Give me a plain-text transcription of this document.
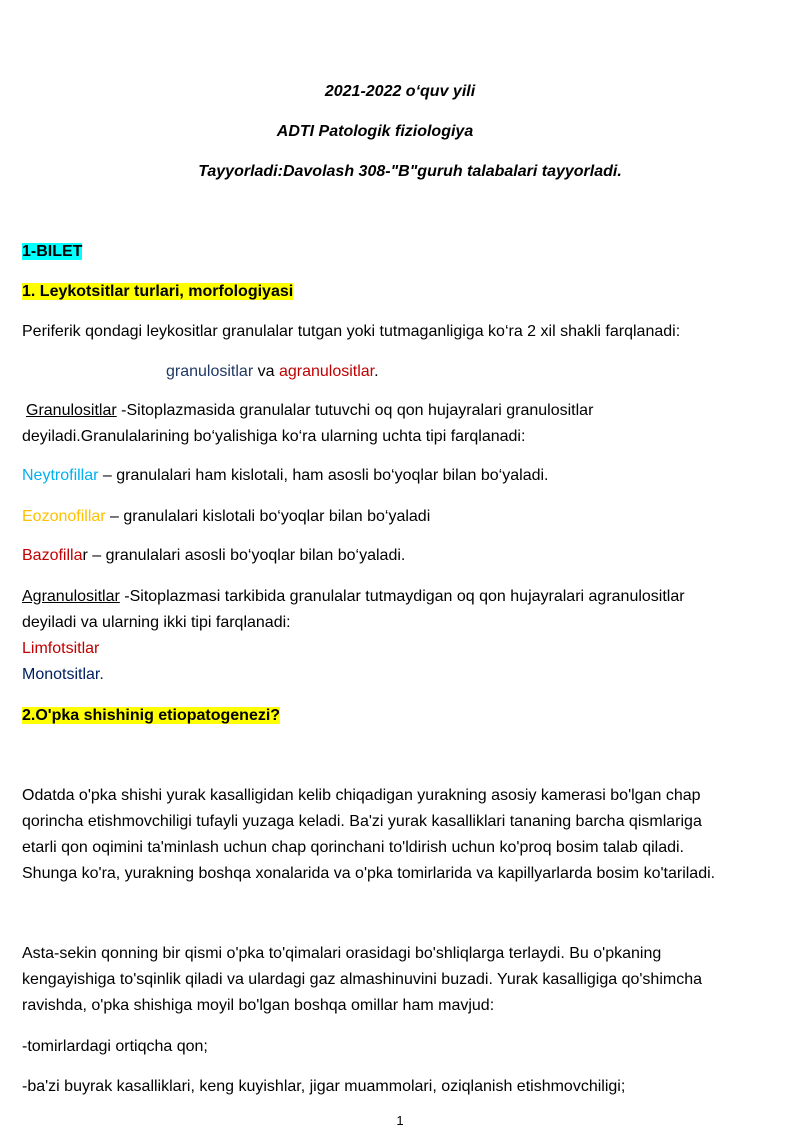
2021-2022 o‘quv yili
ADTI Patologik fiziologiya
Tayyorladi:Davolash 308-"B"guruh talabalari tayyorladi.
1-BILET
1. Leykotsitlar turlari, morfologiyasi
Periferik qondagi leykositlar granulalar tutgan yoki tutmaganligiga ko‘ra 2 xil shakli farqlanadi:
granulositlar va agranulositlar.
Granulositlar -Sitoplazmasida granulalar tutuvchi oq qon hujayralari granulositlar
deyiladi.Granulalarining bo‘yalishiga ko‘ra ularning uchta tipi farqlanadi:
Neytrofillar – granulalari ham kislotali, ham asosli bo‘yoqlar bilan bo‘yaladi.
Eozonofillar – granulalari kislotali bo‘yoqlar bilan bo‘yaladi
Bazofillar – granulalari asosli bo‘yoqlar bilan bo‘yaladi.
Agranulositlar -Sitoplazmasi tarkibida granulalar tutmaydigan oq qon hujayralari agranulositlar
deyiladi va ularning ikki tipi farqlanadi:
Limfotsitlar
Monotsitlar.
2.O'pka shishinig etiopatogenezi?
Odatda o'pka shishi yurak kasalligidan kelib chiqadigan yurakning asosiy kamerasi bo'lgan chap
qorincha etishmovchiligi tufayli yuzaga keladi. Ba'zi yurak kasalliklari tananing barcha qismlariga
etarli qon oqimini ta'minlash uchun chap qorinchani to'ldirish uchun ko'proq bosim talab qiladi.
Shunga ko'ra, yurakning boshqa xonalarida va o'pka tomirlarida va kapillyarlarda bosim ko'tariladi.
Asta-sekin qonning bir qismi o'pka to'qimalari orasidagi bo'shliqlarga terlaydi. Bu o'pkaning
kengayishiga to'sqinlik qiladi va ulardagi gaz almashinuvini buzadi. Yurak kasalligiga qo'shimcha
ravishda, o'pka shishiga moyil bo'lgan boshqa omillar ham mavjud:
-tomirlardagi ortiqcha qon;
-ba'zi buyrak kasalliklari, keng kuyishlar, jigar muammolari, oziqlanish etishmovchiligi;
1
